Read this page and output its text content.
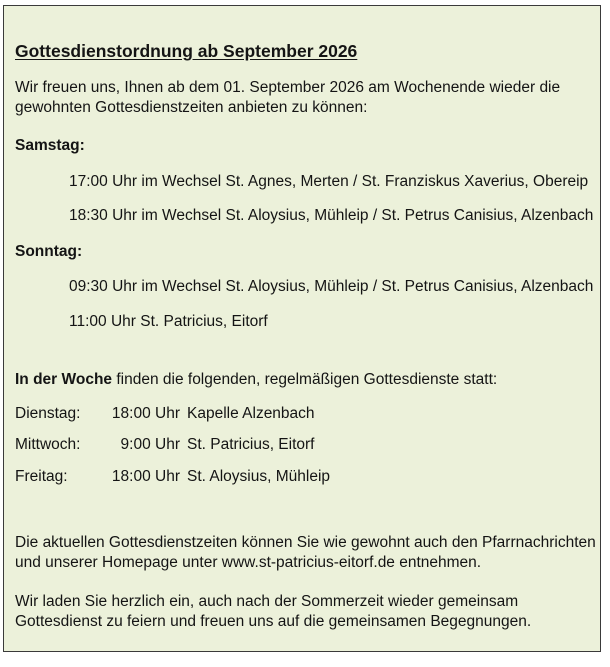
Gottesdienstordnung ab September 2026
Wir freuen uns, Ihnen ab dem 01. September 2026 am Wochenende wieder die
gewohnten Gottesdienstzeiten anbieten zu können:
Samstag:
17:00 Uhr im Wechsel St. Agnes, Merten / St. Franziskus Xaverius, Obereip
18:30 Uhr im Wechsel St. Aloysius, Mühleip / St. Petrus Canisius, Alzenbach
Sonntag:
09:30 Uhr im Wechsel St. Aloysius, Mühleip / St. Petrus Canisius, Alzenbach
11:00 Uhr St. Patricius, Eitorf
In der Woche finden die folgenden, regelmäßigen Gottesdienste statt:
Dienstag:	18:00 Uhr Kapelle Alzenbach
Mittwoch:	9:00 Uhr St. Patricius, Eitorf
Freitag:	18:00 Uhr St. Aloysius, Mühleip
Die aktuellen Gottesdienstzeiten können Sie wie gewohnt auch den Pfarrnachrichten
und unserer Homepage unter www.st-patricius-eitorf.de entnehmen.
Wir laden Sie herzlich ein, auch nach der Sommerzeit wieder gemeinsam
Gottesdienst zu feiern und freuen uns auf die gemeinsamen Begegnungen.
